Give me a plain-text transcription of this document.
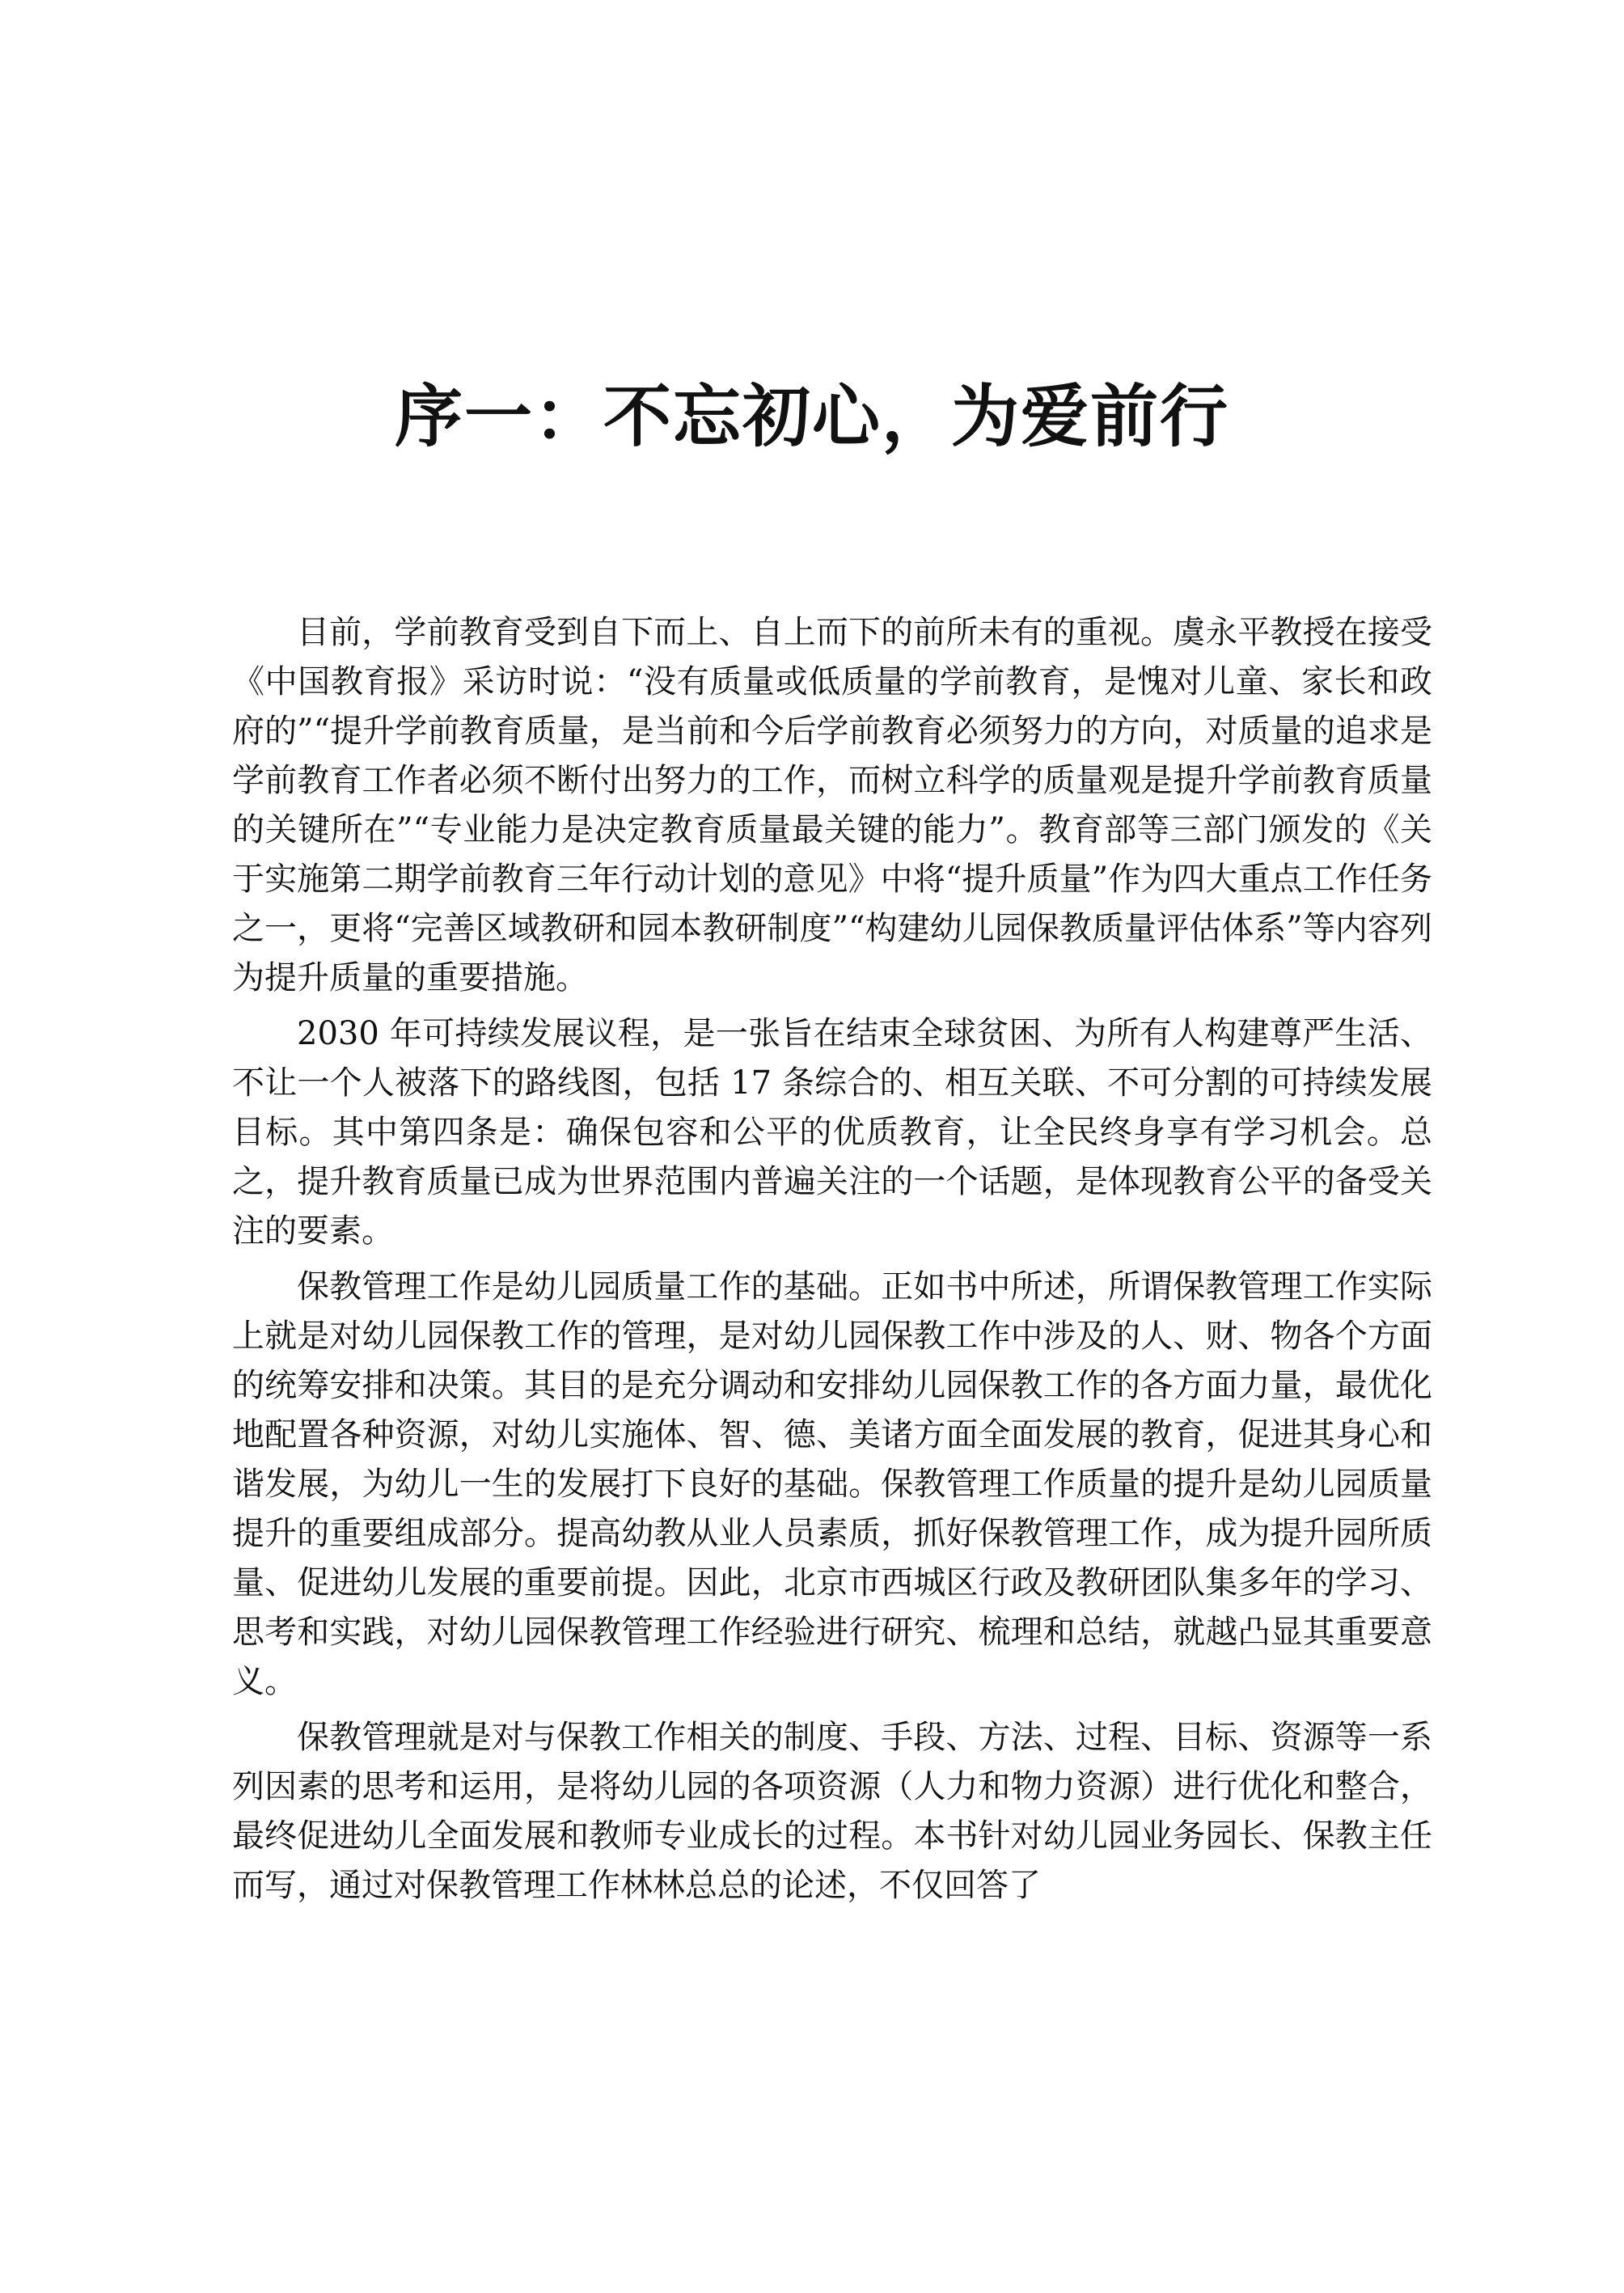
序一：不忘初心，为爱前行

目前，学前教育受到自下而上、自上而下的前所未有的重视。虞永平教授在接受《中国教育报》采访时说：“没有质量或低质量的学前教育，是愧对儿童、家长和政府的”“提升学前教育质量，是当前和今后学前教育必须努力的方向，对质量的追求是学前教育工作者必须不断付出努力的工作，而树立科学的质量观是提升学前教育质量的关键所在”“专业能力是决定教育质量最关键的能力”。教育部等三部门颁发的《关于实施第二期学前教育三年行动计划的意见》中将“提升质量”作为四大重点工作任务之一，更将“完善区域教研和园本教研制度”“构建幼儿园保教质量评估体系”等内容列为提升质量的重要措施。

2030 年可持续发展议程，是一张旨在结束全球贫困、为所有人构建尊严生活、不让一个人被落下的路线图，包括 17 条综合的、相互关联、不可分割的可持续发展目标。其中第四条是：确保包容和公平的优质教育，让全民终身享有学习机会。总之，提升教育质量已成为世界范围内普遍关注的一个话题，是体现教育公平的备受关注的要素。

保教管理工作是幼儿园质量工作的基础。正如书中所述，所谓保教管理工作实际上就是对幼儿园保教工作的管理，是对幼儿园保教工作中涉及的人、财、物各个方面的统筹安排和决策。其目的是充分调动和安排幼儿园保教工作的各方面力量，最优化地配置各种资源，对幼儿实施体、智、德、美诸方面全面发展的教育，促进其身心和谐发展，为幼儿一生的发展打下良好的基础。保教管理工作质量的提升是幼儿园质量提升的重要组成部分。提高幼教从业人员素质，抓好保教管理工作，成为提升园所质量、促进幼儿发展的重要前提。因此，北京市西城区行政及教研团队集多年的学习、思考和实践，对幼儿园保教管理工作经验进行研究、梳理和总结，就越凸显其重要意义。

保教管理就是对与保教工作相关的制度、手段、方法、过程、目标、资源等一系列因素的思考和运用，是将幼儿园的各项资源（人力和物力资源）进行优化和整合，最终促进幼儿全面发展和教师专业成长的过程。本书针对幼儿园业务园长、保教主任而写，通过对保教管理工作林林总总的论述，不仅回答了
